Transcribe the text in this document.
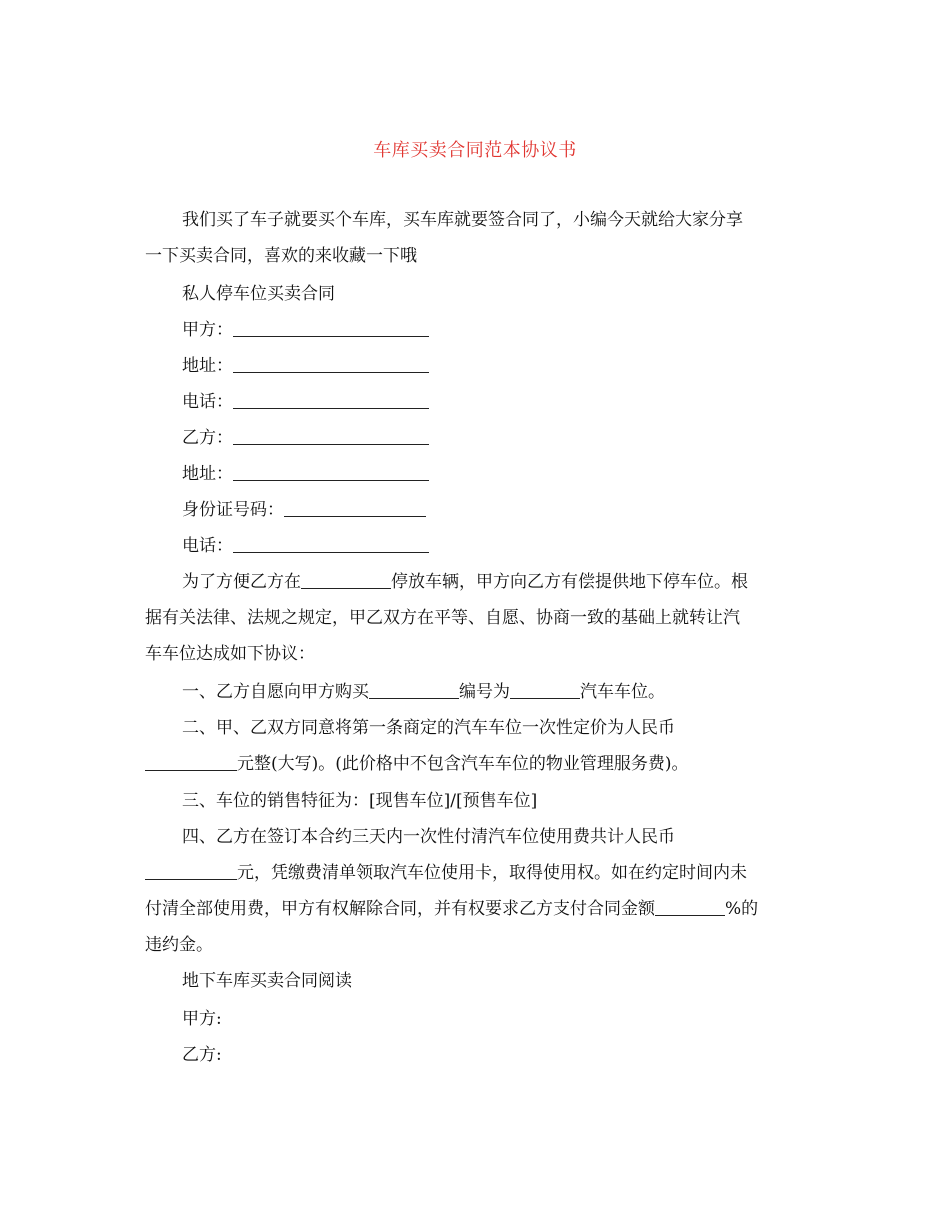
车库买卖合同范本协议书
我们买了车子就要买个车库，买车库就要签合同了，小编今天就给大家分享
一下买卖合同，喜欢的来收藏一下哦
私人停车位买卖合同
甲方：
地址：
电话：
乙方：
地址：
身份证号码：
电话：
为了方便乙方在	停放车辆，甲方向乙方有偿提供地下停车位。根
据有关法律、法规之规定，甲乙双方在平等、自愿、协商一致的基础上就转让汽
车车位达成如下协议：
一、乙方自愿向甲方购买	编号为	汽车车位。
二、甲、乙双方同意将第一条商定的汽车车位一次性定价为人民币
元整(大写)。(此价格中不包含汽车车位的物业管理服务费)。
三、车位的销售特征为：[现售车位]/[预售车位]
四、乙方在签订本合约三天内一次性付清汽车位使用费共计人民币
元，凭缴费清单领取汽车位使用卡，取得使用权。如在约定时间内未
付清全部使用费，甲方有权解除合同，并有权要求乙方支付合同金额	%的
违约金。
地下车库买卖合同阅读
甲方:
乙方:
